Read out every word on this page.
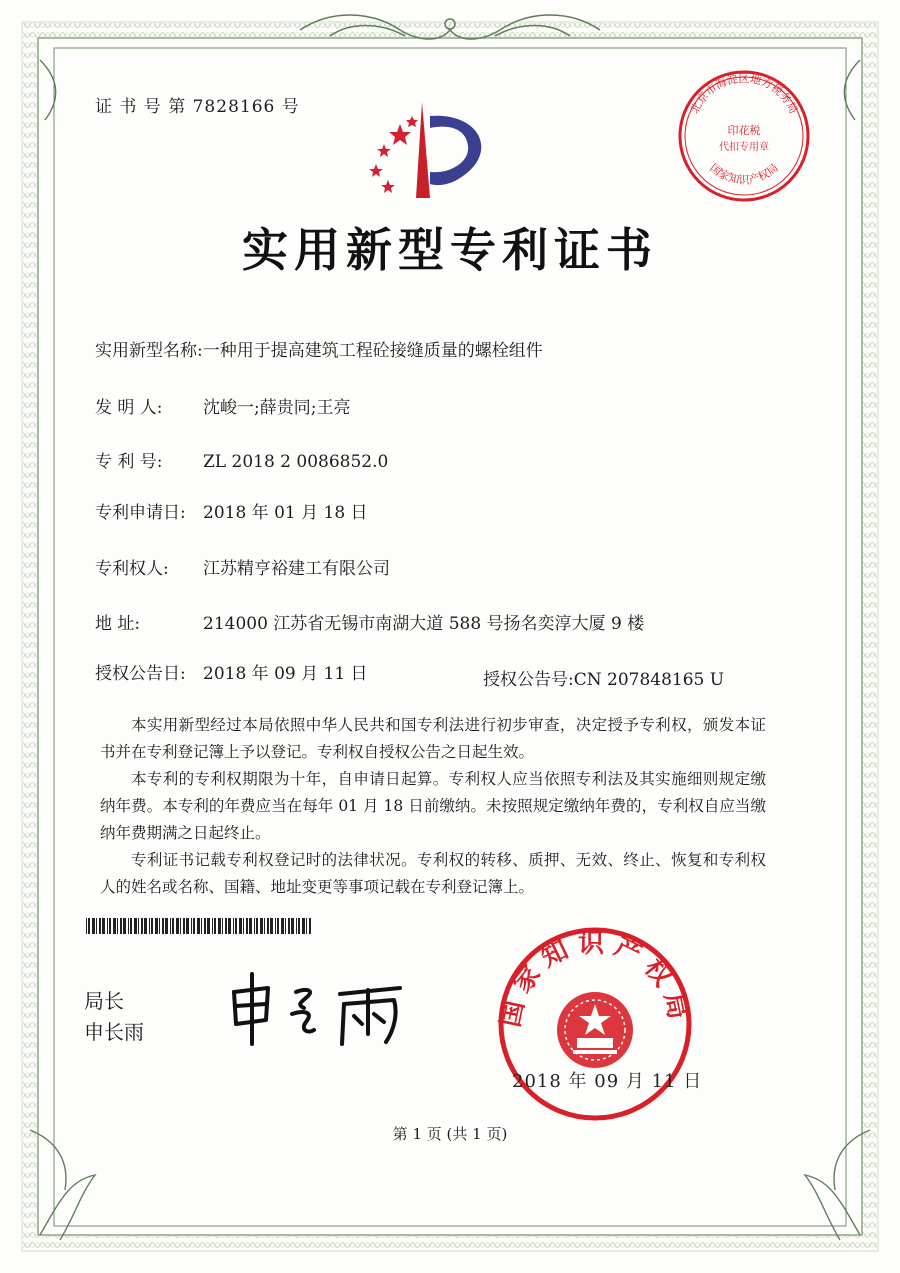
证 书 号 第 7828166 号	北京市海淀区地方税务局
国家知识产权局
印花税
代扣专用章
实用新型专利证书
实用新型名称:一种用于提高建筑工程砼接缝质量的螺栓组件
发 明 人: 沈峻一;薛贵同;王亮
专 利 号: ZL 2018 2 0086852.0
专利申请日: 2018 年 01 月 18 日
专利权人: 江苏精亨裕建工有限公司
地 址:	214000 江苏省无锡市南湖大道 588 号扬名奕淳大厦 9 楼
授权公告日: 2018 年 09 月 11 日	授权公告号:CN 207848165 U

本实用新型经过本局依照中华人民共和国专利法进行初步审查，决定授予专利权，颁发本证书并在专利登记簿上予以登记。专利权自授权公告之日起生效。

本专利的专利权期限为十年，自申请日起算。专利权人应当依照专利法及其实施细则规定缴纳年费。本专利的年费应当在每年 01 月 18 日前缴纳。未按照规定缴纳年费的，专利权自应当缴纳年费期满之日起终止。

专利证书记载专利权登记时的法律状况。专利权的转移、质押、无效、终止、恢复和专利权人的姓名或名称、国籍、地址变更等事项记载在专利登记簿上。

局长
申长雨
国家知识产权局
2018 年 09 月 11 日
第 1 页 (共 1 页)
